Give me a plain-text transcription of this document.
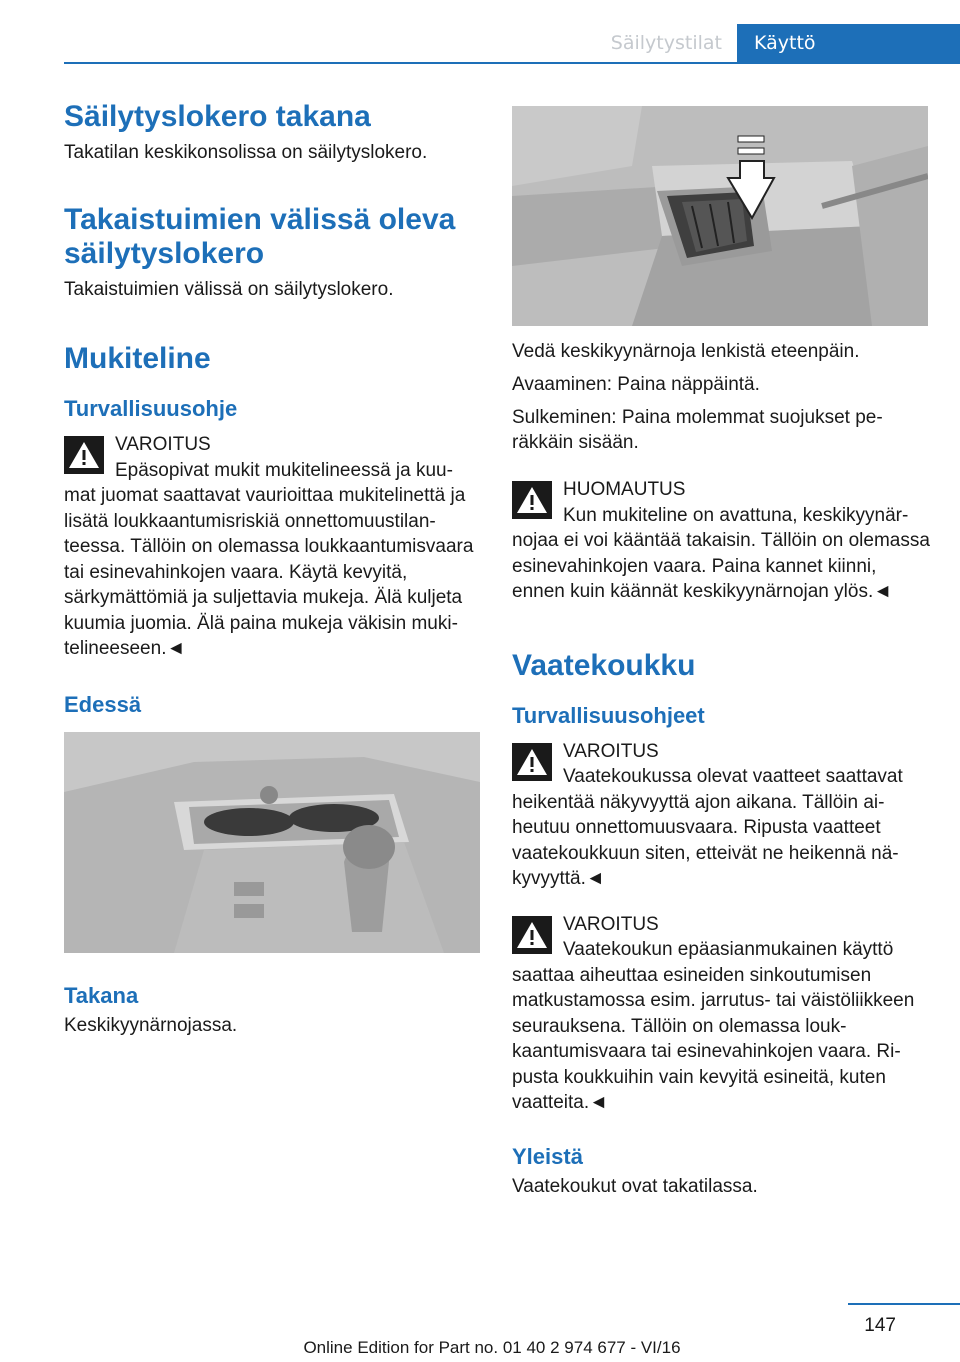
Säilytystilat	Käyttö
Säilytyslokero takana
Takatilan keskikonsolissa on säilytyslokero.
Takaistuimien välissä oleva säilytyslokero
Takaistuimien välissä on säilytyslokero.
Mukiteline
Turvallisuusohje
VAROITUS
Epäsopivat mukit mukitelineessä ja kuu-
mat juomat saattavat vaurioittaa mukitelinettä ja lisätä loukkaantumisriskiä onnettomuustilanteessa. Tällöin on olemassa loukkaantumisvaara tai esinevahinkojen vaara. Käytä kevyitä, särkymättömiä ja suljettavia mukeja. Älä kuljeta kuumia juomia. Älä paina mukeja väkisin mukitelineeseen.◄
Edessä
Takana
Keskikyynärnojassa.
Vedä keskikyynärnoja lenkistä eteenpäin.
Avaaminen: Paina näppäintä.
Sulkeminen: Paina molemmat suojukset peräkkäin sisään.
HUOMAUTUS
Kun mukiteline on avattuna, keskikyynär-
nojaa ei voi kääntää takaisin. Tällöin on olemassa esinevahinkojen vaara. Paina kannet kiinni, ennen kuin käännät keskikyynärnojan ylös.◄
Vaatekoukku
Turvallisuusohjeet
VAROITUS
Vaatekoukussa olevat vaatteet saattavat
heikentää näkyvyyttä ajon aikana. Tällöin aiheutuu onnettomuusvaara. Ripusta vaatteet vaatekoukkuun siten, etteivät ne heikennä näkyvyyttä.◄
VAROITUS
Vaatekoukun epäasianmukainen käyttö
saattaa aiheuttaa esineiden sinkoutumisen matkustamossa esim. jarrutus- tai väistöliikkeen seurauksena. Tällöin on olemassa loukkaantumisvaara tai esinevahinkojen vaara. Ripusta koukkuihin vain kevyitä esineitä, kuten vaatteita.◄
Yleistä
Vaatekoukut ovat takatilassa.
147
Online Edition for Part no. 01 40 2 974 677 - VI/16
